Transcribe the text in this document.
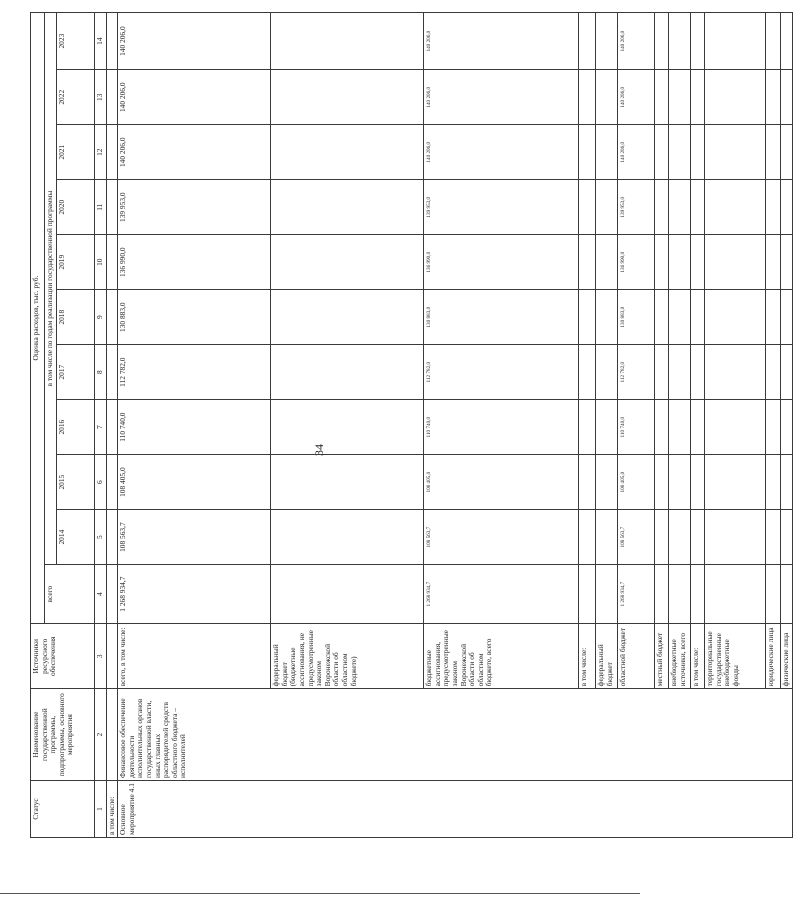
34
Статус	Наименование государственной программы, подпрограммы, основного мероприятия	Источники ресурсного обеспечения	Оценка расходов, тыс. руб.										
			всего	в том числе по годам реализации государственной программы									
				2014	2015	2016	2017	2018	2019	2020	2021	2022	2023
1	2	3	4	5	6	7	8	9	10	11	12	13	14
в том числе:													
Основное мероприятие 4.1	Финансовое обеспечение деятельности исполнительных органов государственной власти, иных главных распорядителей средств областного бюджета – исполнителей	всего, в том числе:	1 268 934,7	108 563,7	108 405,0	110 740,0	112 782,0	130 883,0	136 990,0	139 953,0	140 206,0	140 206,0	140 206,0
		федеральный бюджет (бюджетные ассигнования, не предусмотренные законом Воронежской области об областном бюджете)											
		бюджетные ассигнования, предусмотренные законом Воронежской области об областном бюджете, всего	1 268 934,7	108 563,7	108 405,0	110 740,0	112 782,0	130 883,0	136 990,0	139 953,0	140 206,0	140 206,0	140 206,0
		в том числе:											
		федеральный бюджет											
		областной бюджет	1 268 934,7	108 563,7	108 405,0	110 740,0	112 782,0	130 883,0	136 990,0	139 953,0	140 206,0	140 206,0	140 206,0
		местный бюджет											
		внебюджетные источники, всего											
		в том числе:											
		территориальные государственные внебюджетные фонды											
		юридические лица											
		физические лица											
